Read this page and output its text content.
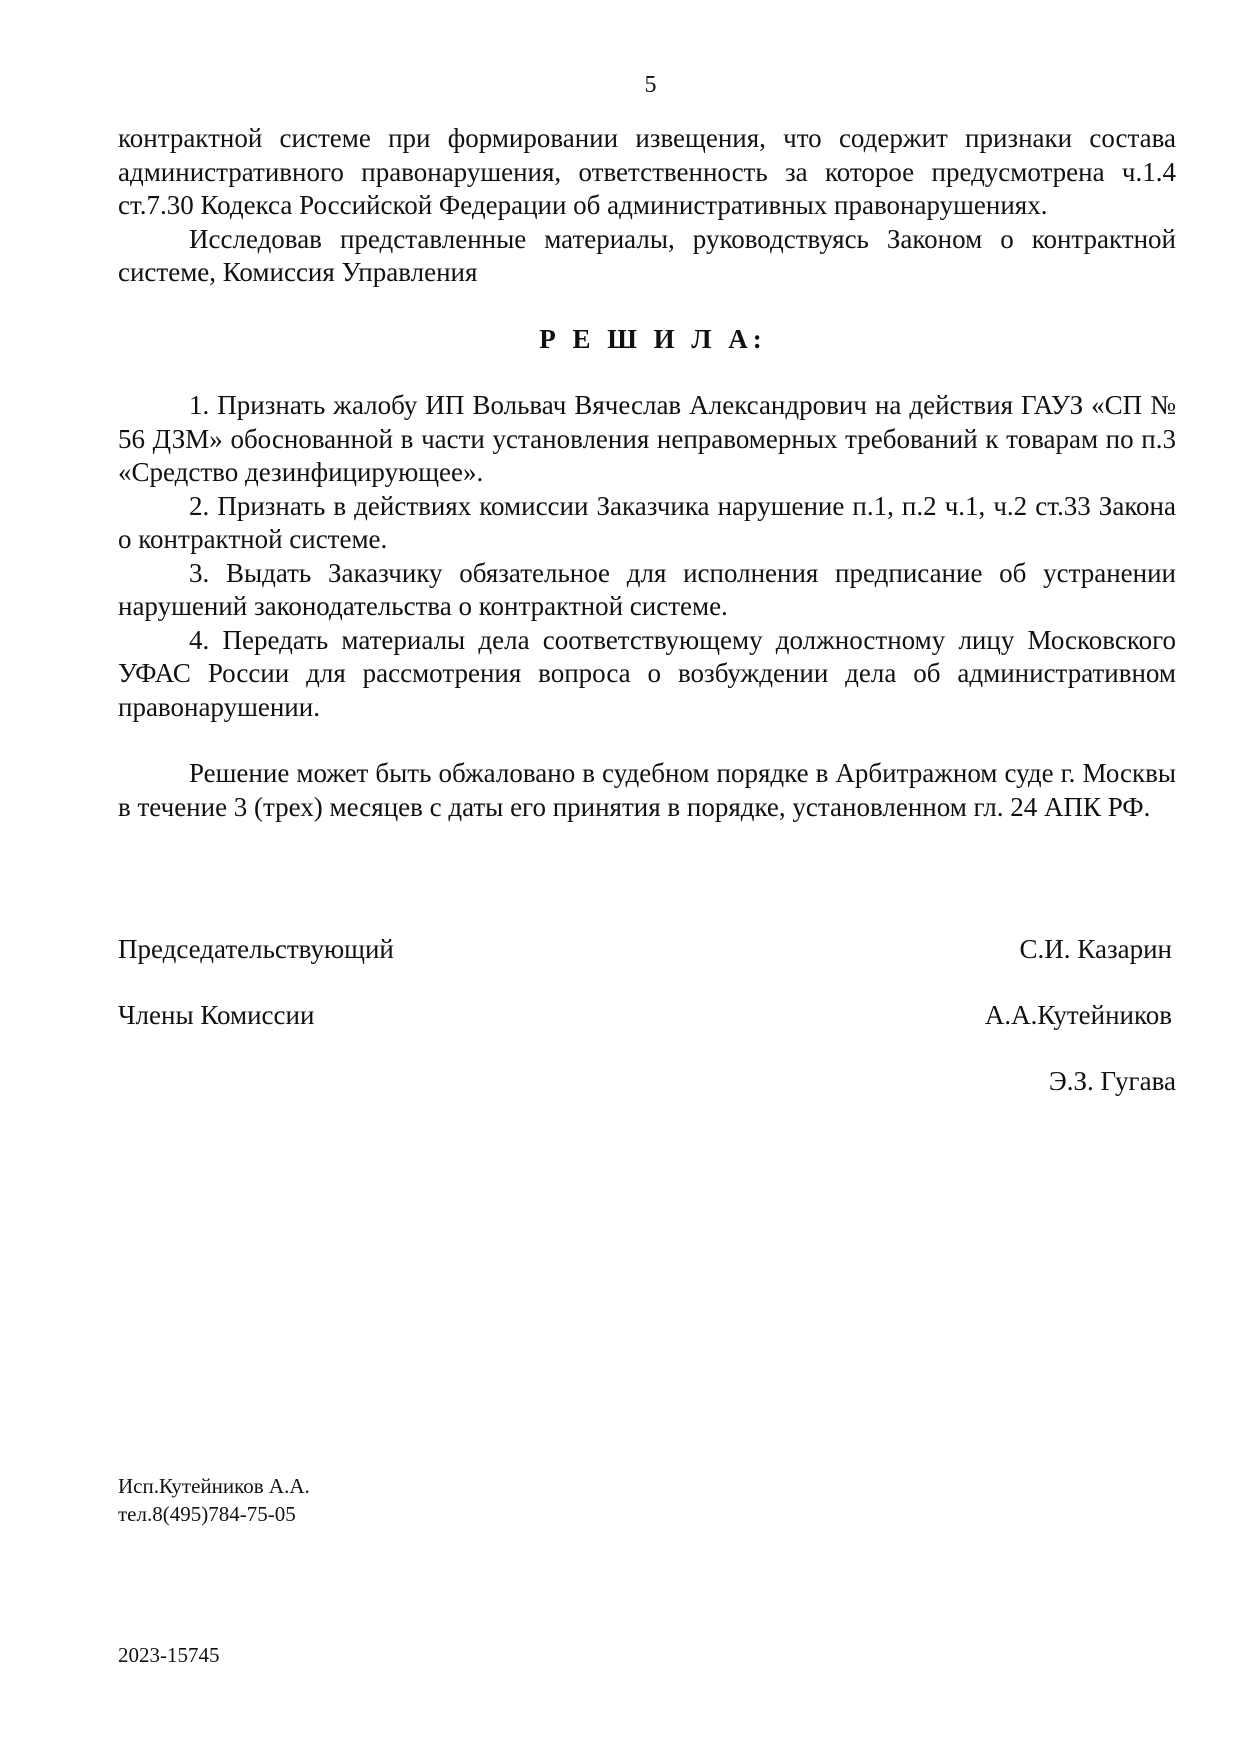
5

контрактной системе при формировании извещения, что содержит признаки состава административного правонарушения, ответственность за которое предусмотрена ч.1.4 ст.7.30 Кодекса Российской Федерации об административных правонарушениях.

Исследовав представленные материалы, руководствуясь Законом о контрактной системе, Комиссия Управления

Р Е Ш И Л А:

1. Признать жалобу ИП Вольвач Вячеслав Александрович на действия ГАУЗ «СП № 56 ДЗМ» обоснованной в части установления неправомерных требований к товарам по п.3 «Средство дезинфицирующее».

2. Признать в действиях комиссии Заказчика нарушение п.1, п.2 ч.1, ч.2 ст.33 Закона о контрактной системе.

3. Выдать Заказчику обязательное для исполнения предписание об устранении нарушений законодательства о контрактной системе.

4. Передать материалы дела соответствующему должностному лицу Московского УФАС России для рассмотрения вопроса о возбуждении дела об административном правонарушении.

Решение может быть обжаловано в судебном порядке в Арбитражном суде г. Москвы в течение 3 (трех) месяцев с даты его принятия в порядке, установленном гл. 24 АПК РФ.

Председательствующий	С.И. Казарин
Члены Комиссии	А.А.Кутейников
Э.З. Гугава
Исп.Кутейников А.А.
тел.8(495)784-75-05
2023-15745
